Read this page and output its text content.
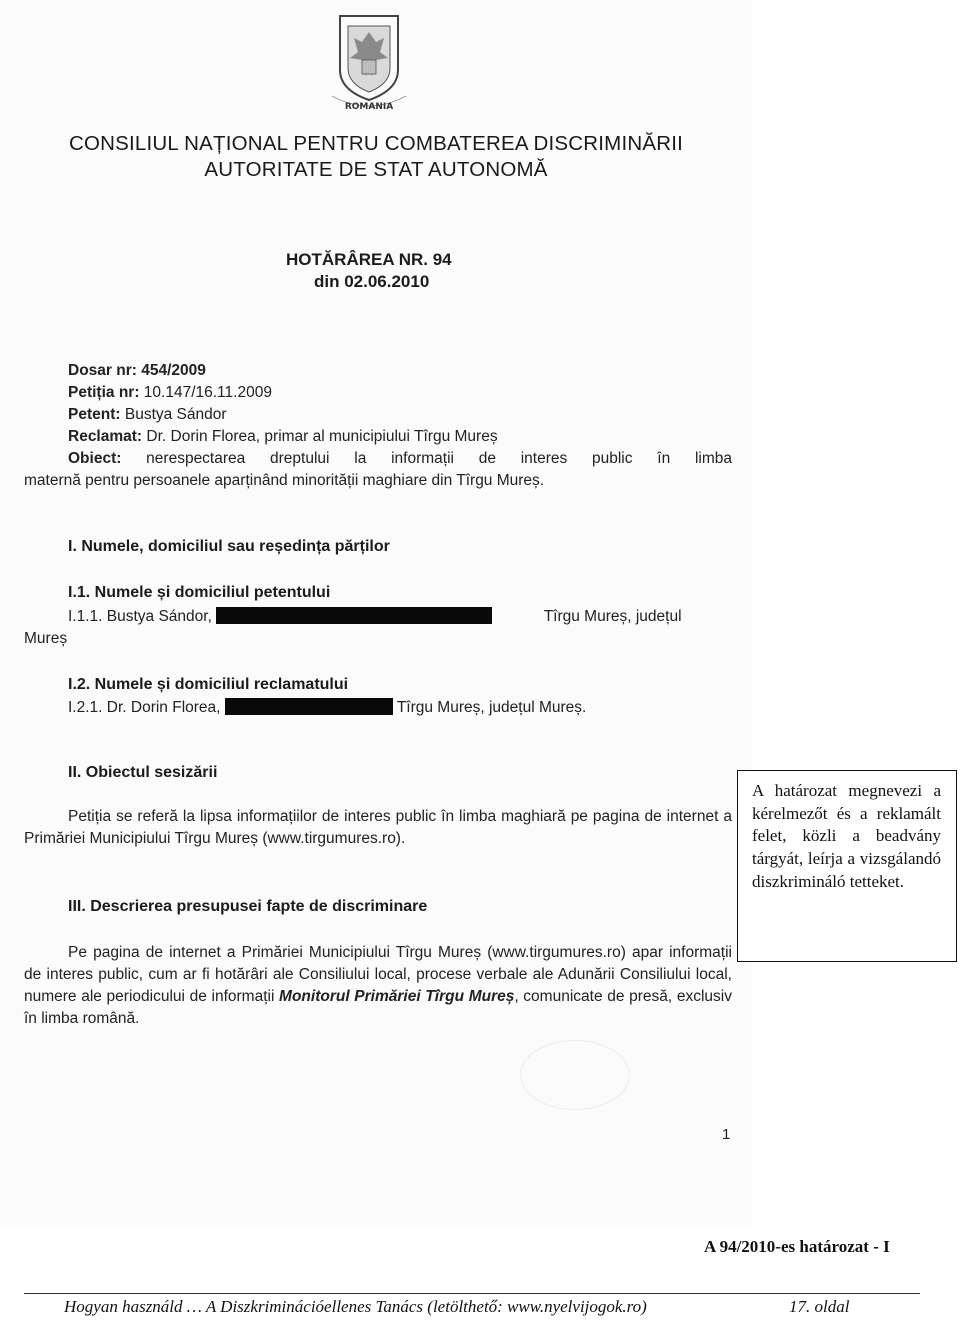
ROMANIA
CONSILIUL NAȚIONAL PENTRU COMBATEREA DISCRIMINĂRII
AUTORITATE DE STAT AUTONOMĂ
HOTĂRÂREA NR. 94
din 02.06.2010
Dosar nr: 454/2009
Petiția nr: 10.147/16.11.2009
Petent: Bustya Sándor
Reclamat: Dr. Dorin Florea, primar al municipiului Tîrgu Mureș
Obiect: nerespectarea dreptului la informații de interes public în limba
maternă pentru persoanele aparținând minorității maghiare din Tîrgu Mureș.
I. Numele, domiciliul sau reședința părților
I.1. Numele și domiciliul petentului
I.1.1. Bustya Sándor,	Tîrgu Mureș, județul
Mureș
I.2. Numele și domiciliul reclamatului
I.2.1. Dr. Dorin Florea,	Tîrgu Mureș, județul Mureș.
II. Obiectul sesizării
Petiția se referă la lipsa informațiilor de interes public în limba maghiară pe pagina de internet a Primăriei Municipiului Tîrgu Mureș (www.tirgumures.ro).
III. Descrierea presupusei fapte de discriminare
Pe pagina de internet a Primăriei Municipiului Tîrgu Mureș (www.tirgumures.ro) apar informații de interes public, cum ar fi hotărâri ale Consiliului local, procese verbale ale Adunării Consiliului local, numere ale periodicului de informații Monitorul Primăriei Tîrgu Mureș, comunicate de presă, exclusiv în limba română.
1
A határozat megnevezi a kérelmezőt és a reklamált felet, közli a beadvány tárgyát, leírja a vizsgálandó diszkrimináló tetteket.
A 94/2010-es határozat - I
Hogyan használd … A Diszkriminációellenes Tanács (letölthető: www.nyelvijogok.ro)	17. oldal
